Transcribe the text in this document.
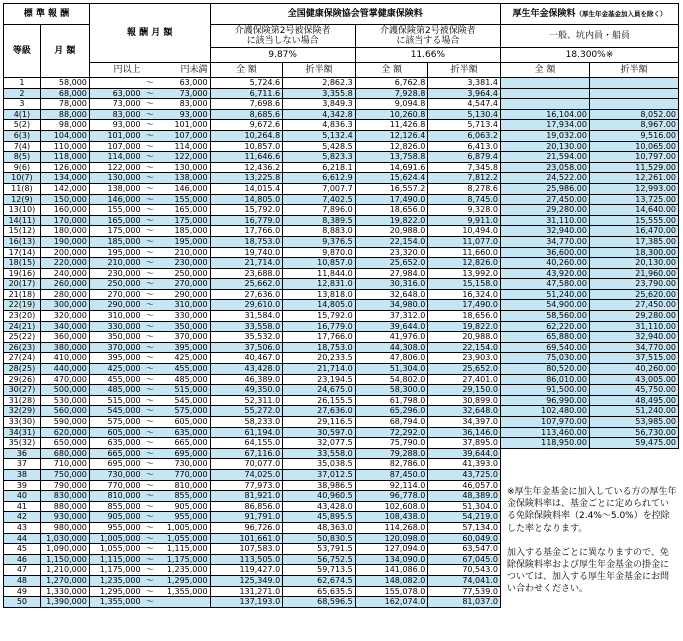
標 準 報 酬		報 酬 月 額			全国健康保険協会管掌健康保険料				厚生年金保険料（厚生年金基金加入員を除く）	
等級	月 額				介護保険第2号被保険者
に該当しない場合		介護保険第2号被保険者
に該当する場合		一般、坑内員・船員	
					9.87%		11.66%		18.300%※	
		円以上		円未満	全 額	折半額	全 額	折半額	全 額	折半額
1	58,000		～	63,000	5,724.6	2,862.3	6,762.8	3,381.4		
2	68,000	63,000	～	73,000	6,711.6	3,355.8	7,928.8	3,964.4		
3	78,000	73,000	～	83,000	7,698.6	3,849.3	9,094.8	4,547.4		
4(1)	88,000	83,000	～	93,000	8,685.6	4,342.8	10,260.8	5,130.4	16,104.00	8,052.00
5(2)	98,000	93,000	～	101,000	9,672.6	4,836.3	11,426.8	5,713.4	17,934.00	8,967.00
6(3)	104,000	101,000	～	107,000	10,264.8	5,132.4	12,126.4	6,063.2	19,032.00	9,516.00
7(4)	110,000	107,000	～	114,000	10,857.0	5,428.5	12,826.0	6,413.0	20,130.00	10,065.00
8(5)	118,000	114,000	～	122,000	11,646.6	5,823.3	13,758.8	6,879.4	21,594.00	10,797.00
9(6)	126,000	122,000	～	130,000	12,436.2	6,218.1	14,691.6	7,345.8	23,058.00	11,529.00
10(7)	134,000	130,000	～	138,000	13,225.8	6,612.9	15,624.4	7,812.2	24,522.00	12,261.00
11(8)	142,000	138,000	～	146,000	14,015.4	7,007.7	16,557.2	8,278.6	25,986.00	12,993.00
12(9)	150,000	146,000	～	155,000	14,805.0	7,402.5	17,490.0	8,745.0	27,450.00	13,725.00
13(10)	160,000	155,000	～	165,000	15,792.0	7,896.0	18,656.0	9,328.0	29,280.00	14,640.00
14(11)	170,000	165,000	～	175,000	16,779.0	8,389.5	19,822.0	9,911.0	31,110.00	15,555.00
15(12)	180,000	175,000	～	185,000	17,766.0	8,883.0	20,988.0	10,494.0	32,940.00	16,470.00
16(13)	190,000	185,000	～	195,000	18,753.0	9,376.5	22,154.0	11,077.0	34,770.00	17,385.00
17(14)	200,000	195,000	～	210,000	19,740.0	9,870.0	23,320.0	11,660.0	36,600.00	18,300.00
18(15)	220,000	210,000	～	230,000	21,714.0	10,857.0	25,652.0	12,826.0	40,260.00	20,130.00
19(16)	240,000	230,000	～	250,000	23,688.0	11,844.0	27,984.0	13,992.0	43,920.00	21,960.00
20(17)	260,000	250,000	～	270,000	25,662.0	12,831.0	30,316.0	15,158.0	47,580.00	23,790.00
21(18)	280,000	270,000	～	290,000	27,636.0	13,818.0	32,648.0	16,324.0	51,240.00	25,620.00
22(19)	300,000	290,000	～	310,000	29,610.0	14,805.0	34,980.0	17,490.0	54,900.00	27,450.00
23(20)	320,000	310,000	～	330,000	31,584.0	15,792.0	37,312.0	18,656.0	58,560.00	29,280.00
24(21)	340,000	330,000	～	350,000	33,558.0	16,779.0	39,644.0	19,822.0	62,220.00	31,110.00
25(22)	360,000	350,000	～	370,000	35,532.0	17,766.0	41,976.0	20,988.0	65,880.00	32,940.00
26(23)	380,000	370,000	～	395,000	37,506.0	18,753.0	44,308.0	22,154.0	69,540.00	34,770.00
27(24)	410,000	395,000	～	425,000	40,467.0	20,233.5	47,806.0	23,903.0	75,030.00	37,515.00
28(25)	440,000	425,000	～	455,000	43,428.0	21,714.0	51,304.0	25,652.0	80,520.00	40,260.00
29(26)	470,000	455,000	～	485,000	46,389.0	23,194.5	54,802.0	27,401.0	86,010.00	43,005.00
30(27)	500,000	485,000	～	515,000	49,350.0	24,675.0	58,300.0	29,150.0	91,500.00	45,750.00
31(28)	530,000	515,000	～	545,000	52,311.0	26,155.5	61,798.0	30,899.0	96,990.00	48,495.00
32(29)	560,000	545,000	～	575,000	55,272.0	27,636.0	65,296.0	32,648.0	102,480.00	51,240.00
33(30)	590,000	575,000	～	605,000	58,233.0	29,116.5	68,794.0	34,397.0	107,970.00	53,985.00
34(31)	620,000	605,000	～	635,000	61,194.0	30,597.0	72,292.0	36,146.0	113,460.00	56,730.00
35(32)	650,000	635,000	～	665,000	64,155.0	32,077.5	75,790.0	37,895.0	118,950.00	59,475.00
36	680,000	665,000	～	695,000	67,116.0	33,558.0	79,288.0	39,644.0		
37	710,000	695,000	～	730,000	70,077.0	35,038.5	82,786.0	41,393.0		
38	750,000	730,000	～	770,000	74,025.0	37,012.5	87,450.0	43,725.0		
39	790,000	770,000	～	810,000	77,973.0	38,986.5	92,114.0	46,057.0		
40	830,000	810,000	～	855,000	81,921.0	40,960.5	96,778.0	48,389.0		
41	880,000	855,000	～	905,000	86,856.0	43,428.0	102,608.0	51,304.0		
42	930,000	905,000	～	955,000	91,791.0	45,895.5	108,438.0	54,219.0		
43	980,000	955,000	～	1,005,000	96,726.0	48,363.0	114,268.0	57,134.0		
44	1,030,000	1,005,000	～	1,055,000	101,661.0	50,830.5	120,098.0	60,049.0		
45	1,090,000	1,055,000	～	1,115,000	107,583.0	53,791.5	127,094.0	63,547.0		
46	1,150,000	1,115,000	～	1,175,000	113,505.0	56,752.5	134,090.0	67,045.0		
47	1,210,000	1,175,000	～	1,235,000	119,427.0	59,713.5	141,086.0	70,543.0		
48	1,270,000	1,235,000	～	1,295,000	125,349.0	62,674.5	148,082.0	74,041.0		
49	1,330,000	1,295,000	～	1,355,000	131,271.0	65,635.5	155,078.0	77,539.0		
50	1,390,000	1,355,000	～		137,193.0	68,596.5	162,074.0	81,037.0		

※厚生年金基金に加入している方の厚生年金保険料率は、基金ごとに定められている免除保険料率（2.4%～5.0%）を控除した率となります。

加入する基金ごとに異なりますので、免除保険料率および厚生年金基金の掛金については、加入する厚生年金基金にお問い合わせください。
